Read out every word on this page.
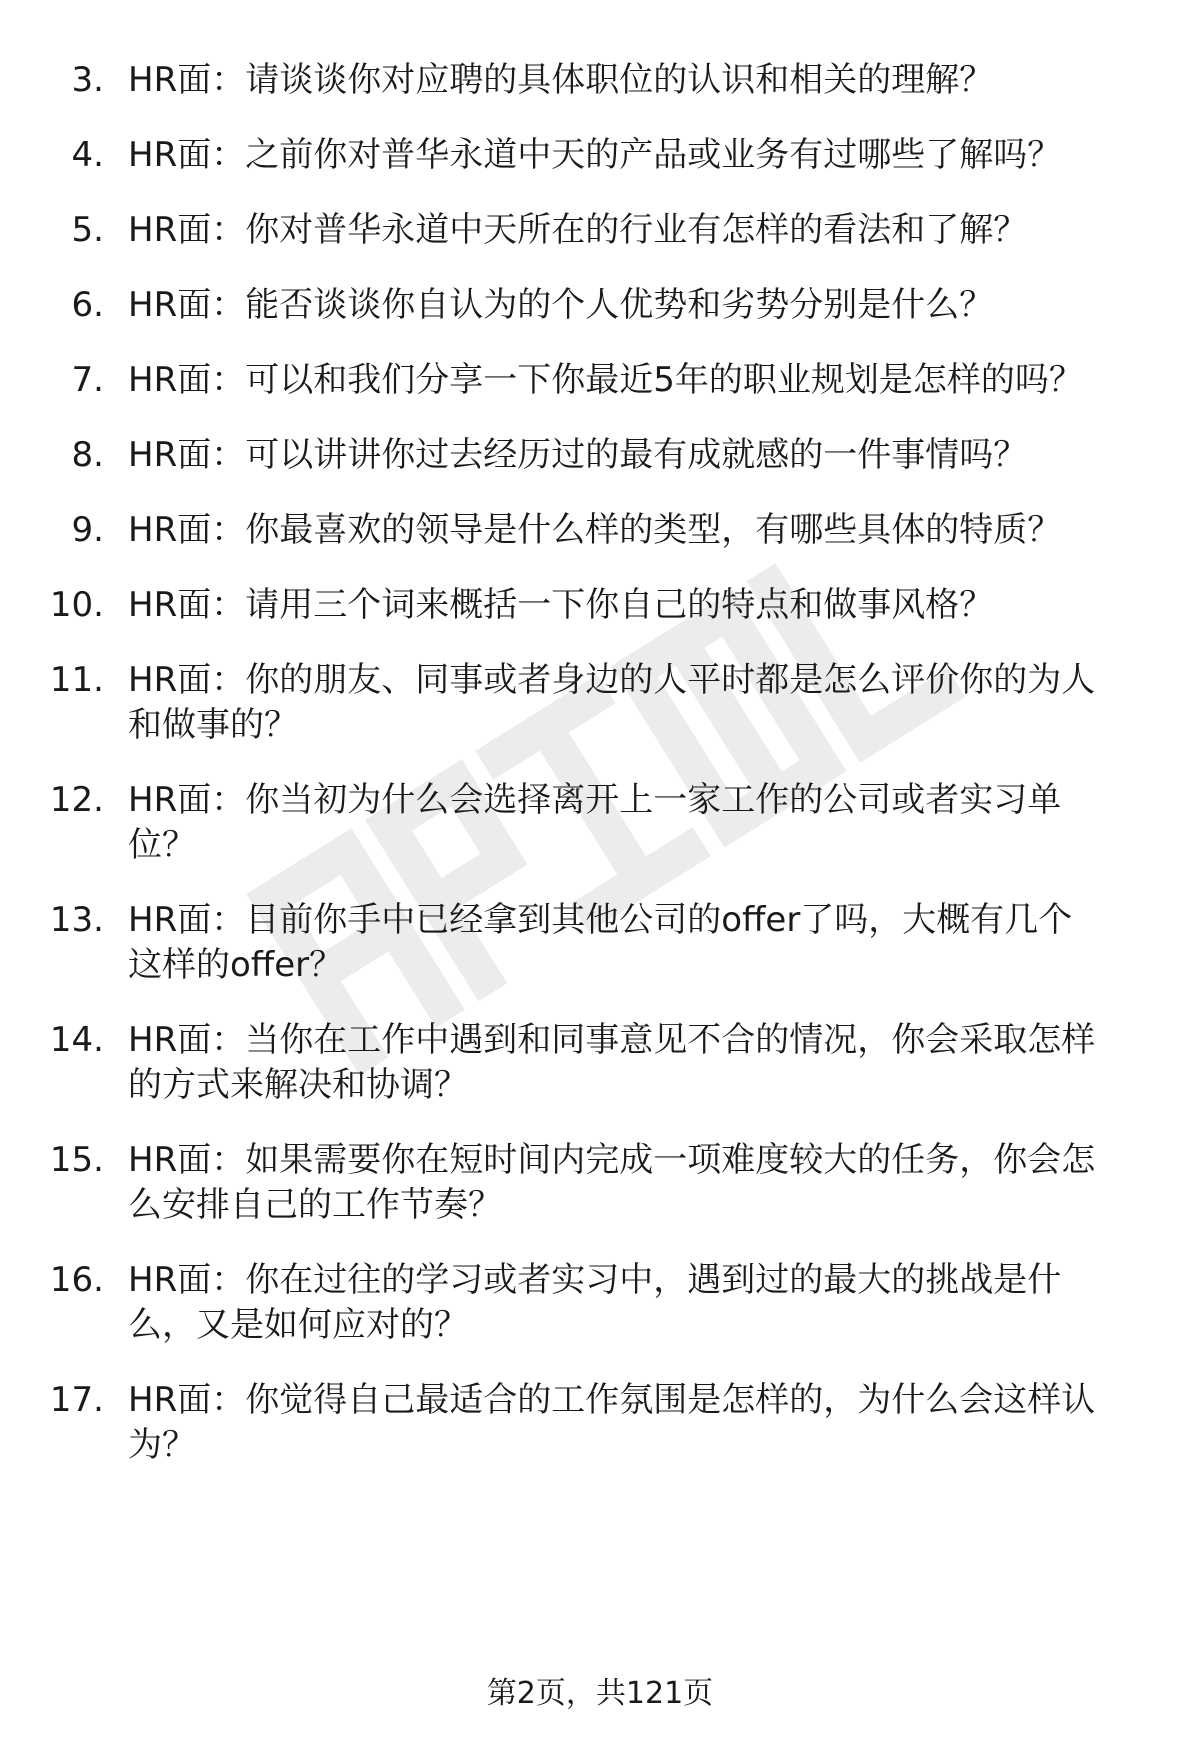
3. HR面：请谈谈你对应聘的具体职位的认识和相关的理解？
4. HR面：之前你对普华永道中天的产品或业务有过哪些了解吗？
5. HR面：你对普华永道中天所在的行业有怎样的看法和了解？
6. HR面：能否谈谈你自认为的个人优势和劣势分别是什么？
7. HR面：可以和我们分享一下你最近5年的职业规划是怎样的吗？
8. HR面：可以讲讲你过去经历过的最有成就感的一件事情吗？
9. HR面：你最喜欢的领导是什么样的类型，有哪些具体的特质？
10. HR面：请用三个词来概括一下你自己的特点和做事风格？
11. HR面：你的朋友、同事或者身边的人平时都是怎么评价你的为人
和做事的？
12. HR面：你当初为什么会选择离开上一家工作的公司或者实习单
位？
13. HR面：目前你手中已经拿到其他公司的offer了吗，大概有几个
这样的offer？
14. HR面：当你在工作中遇到和同事意见不合的情况，你会采取怎样
的方式来解决和协调？
15. HR面：如果需要你在短时间内完成一项难度较大的任务，你会怎
么安排自己的工作节奏？
16. HR面：你在过往的学习或者实习中，遇到过的最大的挑战是什
么，又是如何应对的？
17. HR面：你觉得自己最适合的工作氛围是怎样的，为什么会这样认
为？
第2页，共121页
